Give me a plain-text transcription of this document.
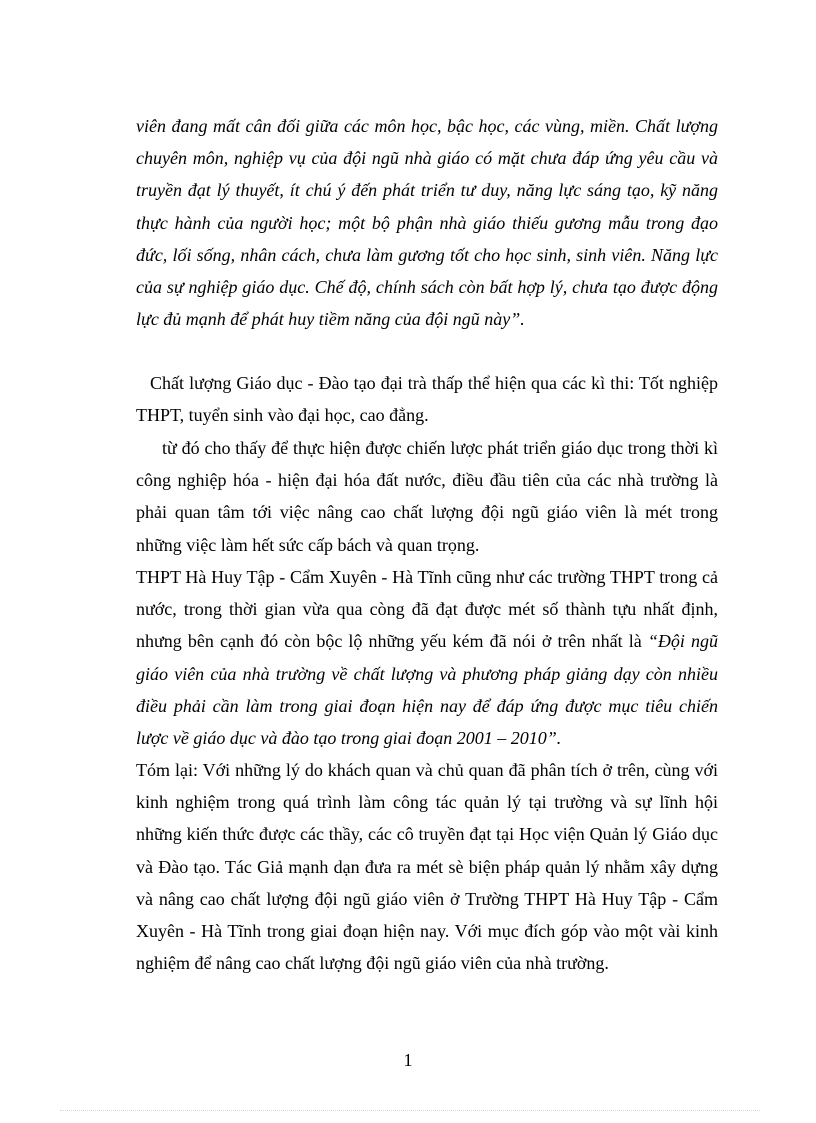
viên đang mất cân đối giữa các môn học, bậc học, các vùng, miền. Chất lượng chuyên môn, nghiệp vụ của đội ngũ nhà giáo có mặt chưa đáp ứng yêu cầu và truyền đạt lý thuyết, ít chú ý đến phát triển tư duy, năng lực sáng tạo, kỹ năng thực hành của người học; một bộ phận nhà giáo thiếu gương mẫu trong đạo đức, lối sống, nhân cách, chưa làm gương tốt cho học sinh, sinh viên. Năng lực của sự nghiệp giáo dục. Chế độ, chính sách còn bất hợp lý, chưa tạo được động lực đủ mạnh để phát huy tiềm năng của đội ngũ này”.

Chất lượng Giáo dục - Đào tạo đại trà thấp thể hiện qua các kì thi: Tốt nghiệp THPT, tuyển sinh vào đại học, cao đẳng.

từ đó cho thấy để thực hiện được chiến lược phát triển giáo dục trong thời kì công nghiệp hóa - hiện đại hóa đất nước, điều đầu tiên của các nhà trường là phải quan tâm tới việc nâng cao chất lượng đội ngũ giáo viên là mét trong những việc làm hết sức cấp bách và quan trọng.

THPT Hà Huy Tập - Cẩm Xuyên - Hà Tĩnh cũng như các trường THPT trong cả nước, trong thời gian vừa qua còng đã đạt được mét số thành tựu nhất định, nhưng bên cạnh đó còn bộc lộ những yếu kém đã nói ở trên nhất là “Đội ngũ giáo viên của nhà trường về chất lượng và phương pháp giảng dạy còn nhiều điều phải cần làm trong giai đoạn hiện nay để đáp ứng được mục tiêu chiến lược về giáo dục và đào tạo trong giai đoạn 2001 – 2010”.

Tóm lại: Với những lý do khách quan và chủ quan đã phân tích ở trên, cùng với kinh nghiệm trong quá trình làm công tác quản lý tại trường và sự lĩnh hội những kiến thức được các thầy, các cô truyền đạt tại Học viện Quản lý Giáo dục và Đào tạo. Tác Giả mạnh dạn đưa ra mét sè biện pháp quản lý nhằm xây dựng và nâng cao chất lượng đội ngũ giáo viên ở Trường THPT Hà Huy Tập - Cẩm Xuyên - Hà Tĩnh trong giai đoạn hiện nay. Với mục đích góp vào một vài kinh nghiệm để nâng cao chất lượng đội ngũ giáo viên của nhà trường.

1
